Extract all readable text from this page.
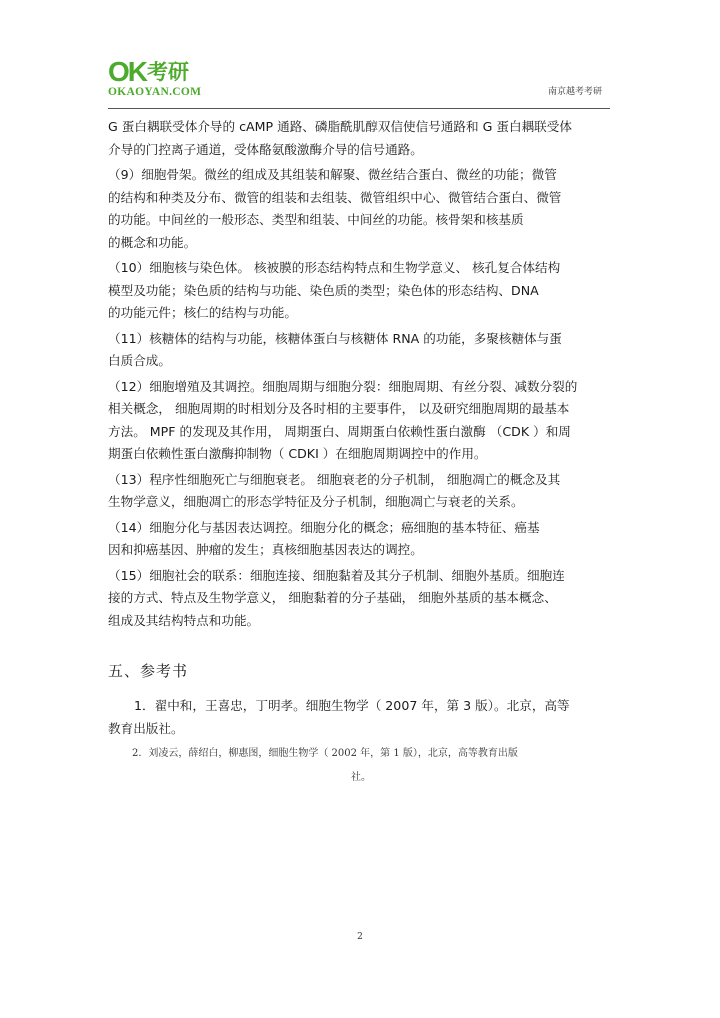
OK 考研
OKAOYAN.COM	南京越考考研
G 蛋白耦联受体介导的 cAMP 通路、磷脂酰肌醇双信使信号通路和 G 蛋白耦联受体
介导的门控离子通道，受体酪氨酸激酶介导的信号通路。
（9）细胞骨架。微丝的组成及其组装和解聚、微丝结合蛋白、微丝的功能；微管
的结构和种类及分布、微管的组装和去组装、微管组织中心、微管结合蛋白、微管
的功能。中间丝的一般形态、类型和组装、中间丝的功能。核骨架和核基质
的概念和功能。
（10）细胞核与染色体。 核被膜的形态结构特点和生物学意义、 核孔复合体结构
模型及功能；染色质的结构与功能、染色质的类型；染色体的形态结构、DNA
的功能元件；核仁的结构与功能。
（11）核糖体的结构与功能，核糖体蛋白与核糖体 RNA 的功能，多聚核糖体与蛋
白质合成。
（12）细胞增殖及其调控。细胞周期与细胞分裂：细胞周期、有丝分裂、减数分裂的
相关概念， 细胞周期的时相划分及各时相的主要事件， 以及研究细胞周期的最基本
方法。 MPF 的发现及其作用， 周期蛋白、周期蛋白依赖性蛋白激酶 （CDK ）和周
期蛋白依赖性蛋白激酶抑制物（ CDKI ）在细胞周期调控中的作用。
（13）程序性细胞死亡与细胞衰老。 细胞衰老的分子机制， 细胞凋亡的概念及其
生物学意义，细胞凋亡的形态学特征及分子机制，细胞凋亡与衰老的关系。
（14）细胞分化与基因表达调控。细胞分化的概念；癌细胞的基本特征、癌基
因和抑癌基因、肿瘤的发生；真核细胞基因表达的调控。
（15）细胞社会的联系：细胞连接、细胞黏着及其分子机制、细胞外基质。细胞连
接的方式、特点及生物学意义， 细胞黏着的分子基础， 细胞外基质的基本概念、
组成及其结构特点和功能。
五、参考书
1．翟中和，王喜忠，丁明孝。细胞生物学（ 2007 年，第 3 版）。北京，高等
教育出版社。
2．刘凌云，薛绍白，柳惠图，细胞生物学（ 2002 年，第 1 版），北京，高等教育出版
社。
2
